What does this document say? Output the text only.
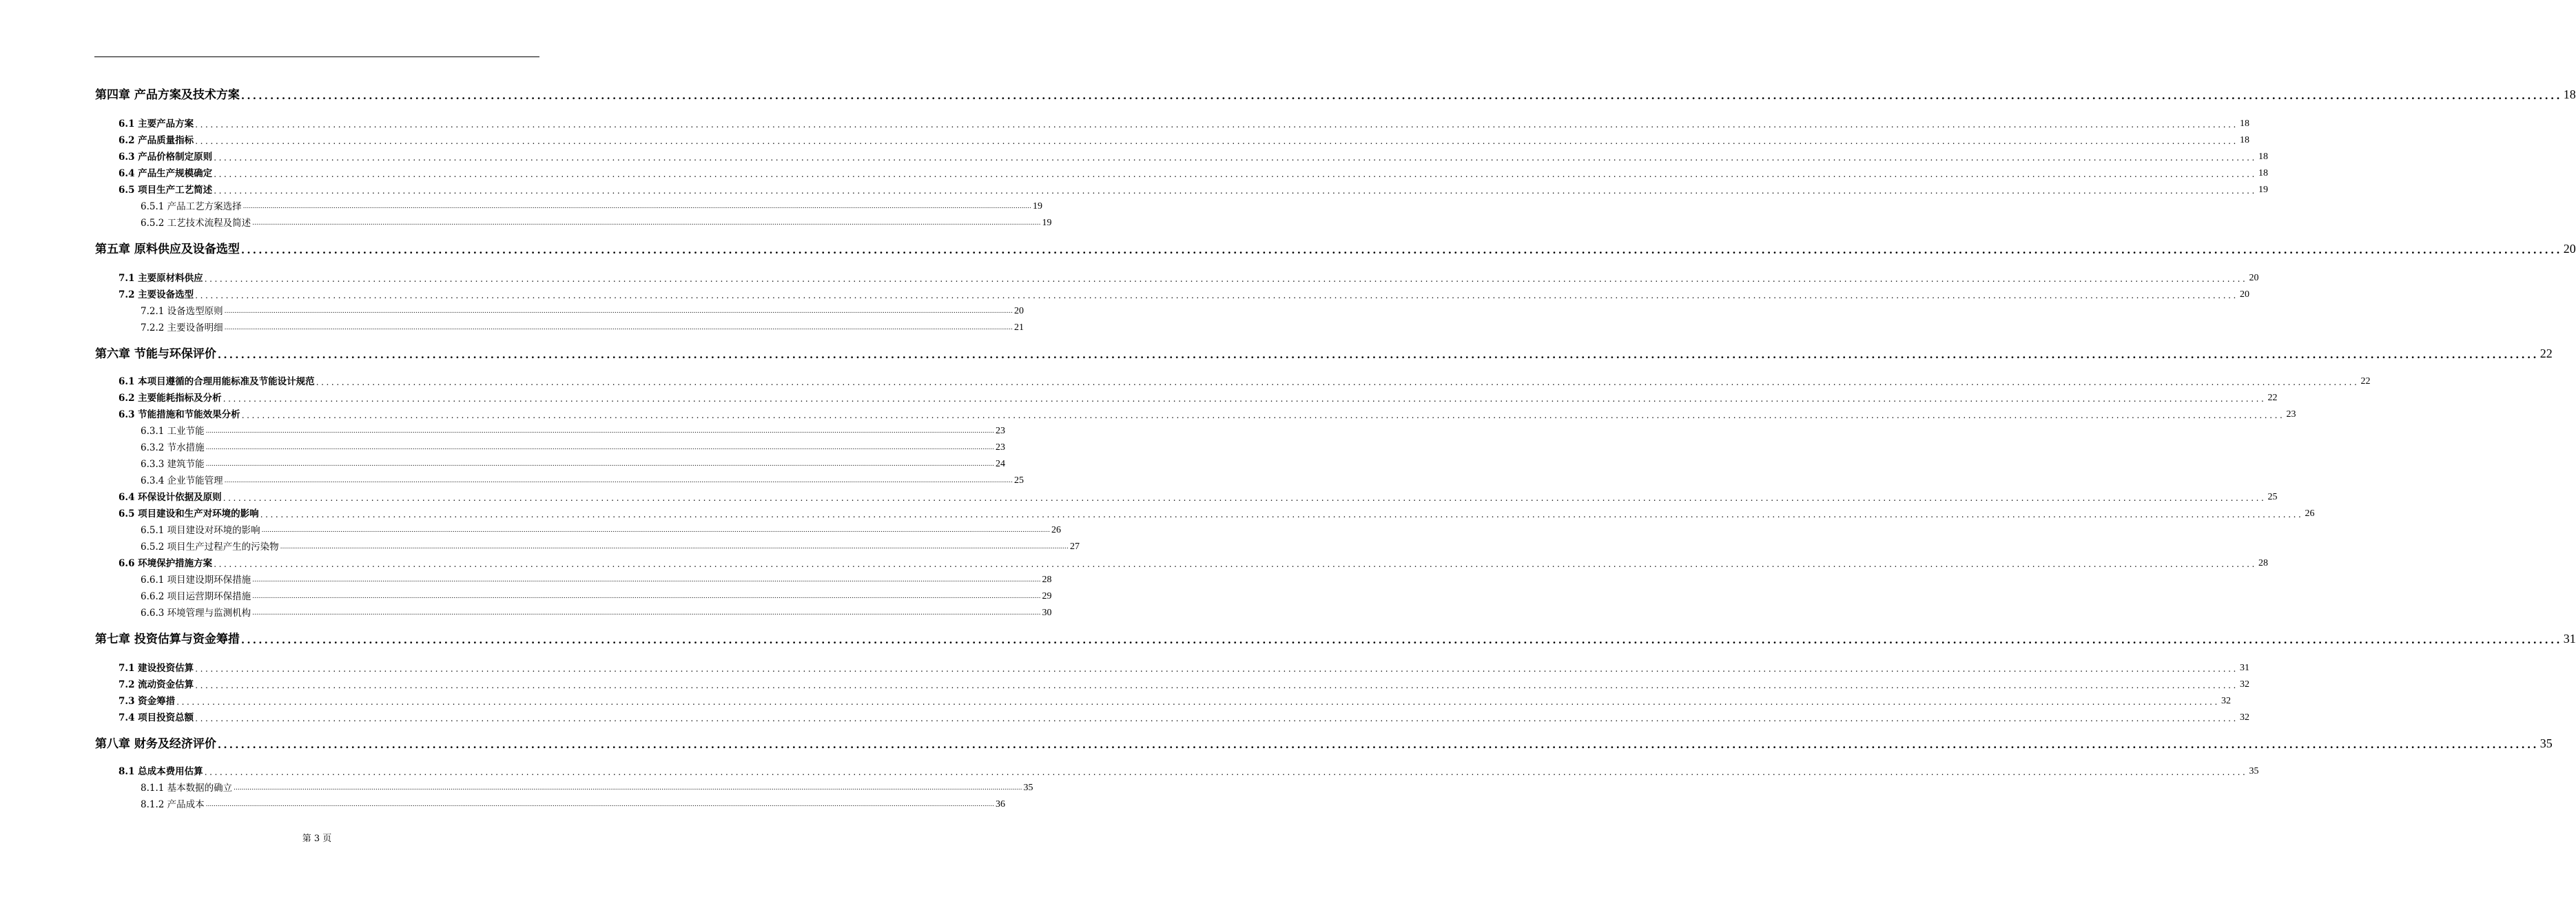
第四章 产品方案及技术方案 ................................................................................................................................................................................................................................................................................................................................................................................................................ 18
6.1 主要产品方案 ................................................................................................................................................................................................................................................................................................................................................................................................................ 18
6.2 产品质量指标 ................................................................................................................................................................................................................................................................................................................................................................................................................ 18
6.3 产品价格制定原则 ................................................................................................................................................................................................................................................................................................................................................................................................................ 18
6.4 产品生产规模确定 ................................................................................................................................................................................................................................................................................................................................................................................................................ 18
6.5 项目生产工艺简述 ................................................................................................................................................................................................................................................................................................................................................................................................................ 19
6.5.1 产品工艺方案选择 ................................................................................................................................................................................................................................................................................................................................................................................................................ 19
6.5.2 工艺技术流程及简述 ................................................................................................................................................................................................................................................................................................................................................................................................................ 19
第五章 原料供应及设备选型 ................................................................................................................................................................................................................................................................................................................................................................................................................ 20
7.1 主要原材料供应 ................................................................................................................................................................................................................................................................................................................................................................................................................ 20
7.2 主要设备选型 ................................................................................................................................................................................................................................................................................................................................................................................................................ 20
7.2.1 设备选型原则 ................................................................................................................................................................................................................................................................................................................................................................................................................ 20
7.2.2 主要设备明细 ................................................................................................................................................................................................................................................................................................................................................................................................................ 21
第六章 节能与环保评价 ................................................................................................................................................................................................................................................................................................................................................................................................................ 22
6.1 本项目遵循的合理用能标准及节能设计规范 ................................................................................................................................................................................................................................................................................................................................................................................................................ 22
6.2 主要能耗指标及分析 ................................................................................................................................................................................................................................................................................................................................................................................................................ 22
6.3 节能措施和节能效果分析 ................................................................................................................................................................................................................................................................................................................................................................................................................ 23
6.3.1 工业节能 ................................................................................................................................................................................................................................................................................................................................................................................................................ 23
6.3.2 节水措施 ................................................................................................................................................................................................................................................................................................................................................................................................................ 23
6.3.3 建筑节能 ................................................................................................................................................................................................................................................................................................................................................................................................................ 24
6.3.4 企业节能管理 ................................................................................................................................................................................................................................................................................................................................................................................................................ 25
6.4 环保设计依据及原则 ................................................................................................................................................................................................................................................................................................................................................................................................................ 25
6.5 项目建设和生产对环境的影响 ................................................................................................................................................................................................................................................................................................................................................................................................................ 26
6.5.1 项目建设对环境的影响 ................................................................................................................................................................................................................................................................................................................................................................................................................ 26
6.5.2 项目生产过程产生的污染物 ................................................................................................................................................................................................................................................................................................................................................................................................................ 27
6.6 环境保护措施方案 ................................................................................................................................................................................................................................................................................................................................................................................................................ 28
6.6.1 项目建设期环保措施 ................................................................................................................................................................................................................................................................................................................................................................................................................ 28
6.6.2 项目运营期环保措施 ................................................................................................................................................................................................................................................................................................................................................................................................................ 29
6.6.3 环境管理与监测机构 ................................................................................................................................................................................................................................................................................................................................................................................................................ 30
第七章 投资估算与资金筹措 ................................................................................................................................................................................................................................................................................................................................................................................................................ 31
7.1 建设投资估算 ................................................................................................................................................................................................................................................................................................................................................................................................................ 31
7.2 流动资金估算 ................................................................................................................................................................................................................................................................................................................................................................................................................ 32
7.3 资金筹措 ................................................................................................................................................................................................................................................................................................................................................................................................................ 32
7.4 项目投资总额 ................................................................................................................................................................................................................................................................................................................................................................................................................ 32
第八章 财务及经济评价 ................................................................................................................................................................................................................................................................................................................................................................................................................ 35
8.1 总成本费用估算 ................................................................................................................................................................................................................................................................................................................................................................................................................ 35
8.1.1 基本数据的确立 ................................................................................................................................................................................................................................................................................................................................................................................................................ 35
8.1.2 产品成本 ................................................................................................................................................................................................................................................................................................................................................................................................................ 36
第 3 页
